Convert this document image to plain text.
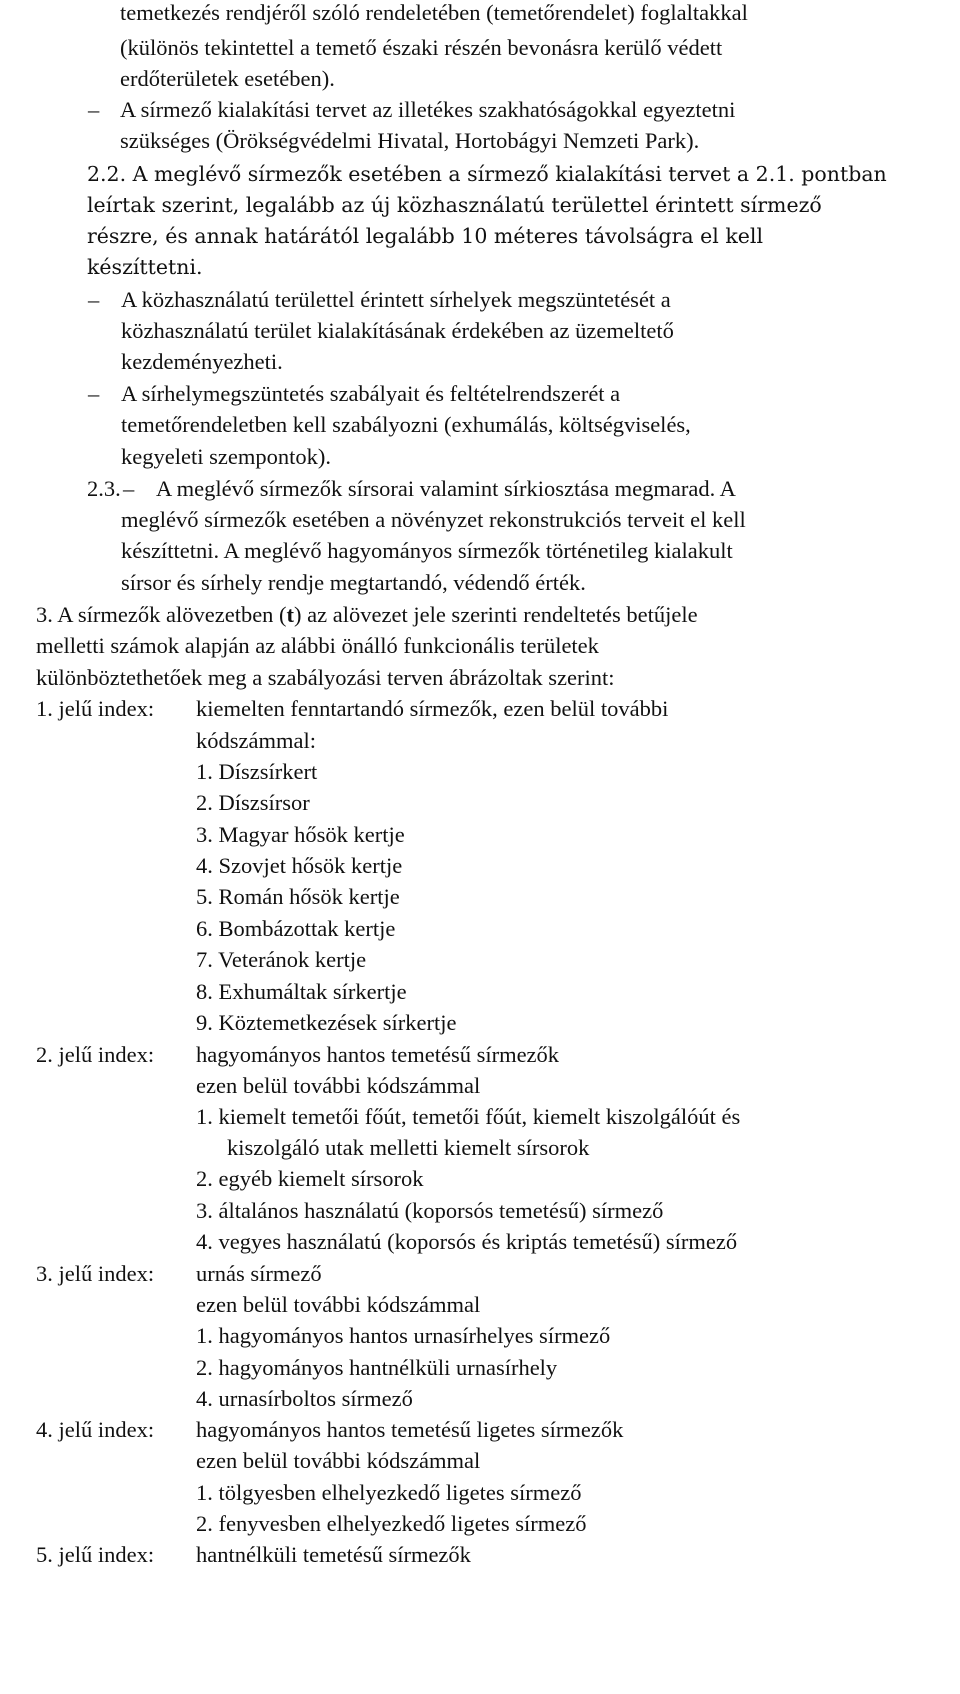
temetkezés rendjéről szóló rendeletében (temetőrendelet) foglaltakkal
(különös tekintettel a temető északi részén bevonásra kerülő védett
erdőterületek esetében).
– A sírmező kialakítási tervet az illetékes szakhatóságokkal egyeztetni
szükséges (Örökségvédelmi Hivatal, Hortobágyi Nemzeti Park).
2.2. A meglévő sírmezők esetében a sírmező kialakítási tervet a 2.1. pontban
leírtak szerint, legalább az új közhasználatú területtel érintett sírmező
részre, és annak határától legalább 10 méteres távolságra el kell
készíttetni.
– A közhasználatú területtel érintett sírhelyek megszüntetését a
közhasználatú terület kialakításának érdekében az üzemeltető
kezdeményezheti.
– A sírhelymegszüntetés szabályait és feltételrendszerét a
temetőrendeletben kell szabályozni (exhumálás, költségviselés,
kegyeleti szempontok).
2.3. – A meglévő sírmezők sírsorai valamint sírkiosztása megmarad. A
meglévő sírmezők esetében a növényzet rekonstrukciós terveit el kell
készíttetni. A meglévő hagyományos sírmezők történetileg kialakult
sírsor és sírhely rendje megtartandó, védendő érték.
3. A sírmezők alövezetben (t) az alövezet jele szerinti rendeltetés betűjele
melletti számok alapján az alábbi önálló funkcionális területek
különböztethetőek meg a szabályozási terven ábrázoltak szerint:
1. jelű index: kiemelten fenntartandó sírmezők, ezen belül további
kódszámmal:
1. Díszsírkert
2. Díszsírsor
3. Magyar hősök kertje
4. Szovjet hősök kertje
5. Román hősök kertje
6. Bombázottak kertje
7. Veteránok kertje
8. Exhumáltak sírkertje
9. Köztemetkezések sírkertje
2. jelű index: hagyományos hantos temetésű sírmezők
ezen belül további kódszámmal
1. kiemelt temetői főút, temetői főút, kiemelt kiszolgálóút és
kiszolgáló utak melletti kiemelt sírsorok
2. egyéb kiemelt sírsorok
3. általános használatú (koporsós temetésű) sírmező
4. vegyes használatú (koporsós és kriptás temetésű) sírmező
3. jelű index: urnás sírmező
ezen belül további kódszámmal
1. hagyományos hantos urnasírhelyes sírmező
2. hagyományos hantnélküli urnasírhely
4. urnasírboltos sírmező
4. jelű index: hagyományos hantos temetésű ligetes sírmezők
ezen belül további kódszámmal
1. tölgyesben elhelyezkedő ligetes sírmező
2. fenyvesben elhelyezkedő ligetes sírmező
5. jelű index: hantnélküli temetésű sírmezők
